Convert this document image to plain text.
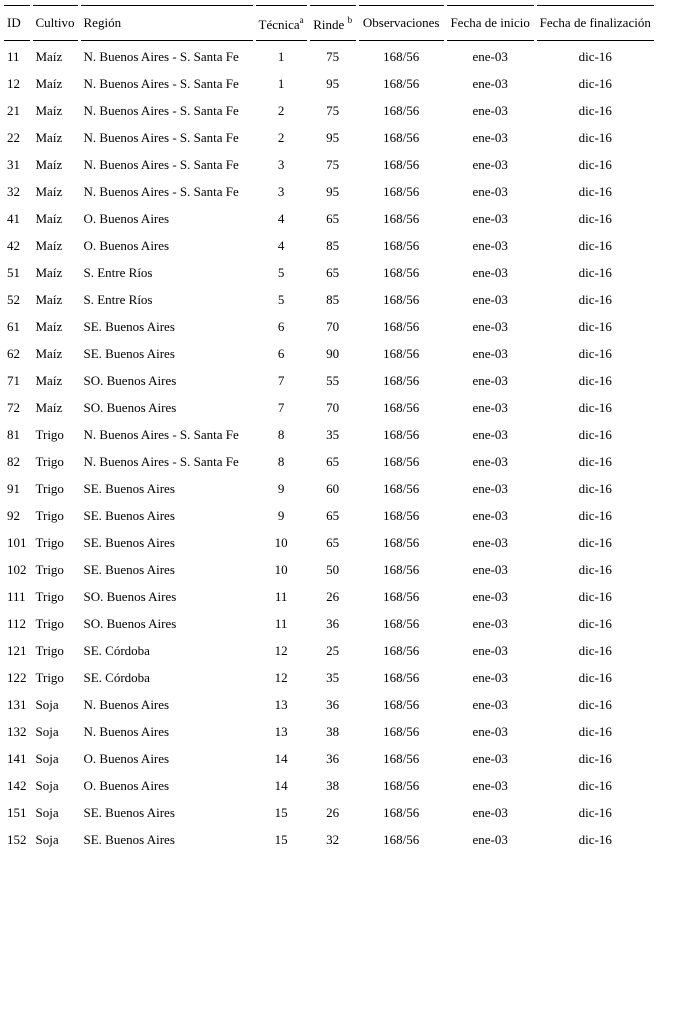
ID	Cultivo	Región	Técnica$^a$	Rinde $^b$	Observaciones	Fecha de inicio	Fecha de finalización
11	Maíz	N. Buenos Aires - S. Santa Fe	1	75	168/56	ene-03	dic-16
12	Maíz	N. Buenos Aires - S. Santa Fe	1	95	168/56	ene-03	dic-16
21	Maíz	N. Buenos Aires - S. Santa Fe	2	75	168/56	ene-03	dic-16
22	Maíz	N. Buenos Aires - S. Santa Fe	2	95	168/56	ene-03	dic-16
31	Maíz	N. Buenos Aires - S. Santa Fe	3	75	168/56	ene-03	dic-16
32	Maíz	N. Buenos Aires - S. Santa Fe	3	95	168/56	ene-03	dic-16
41	Maíz	O. Buenos Aires	4	65	168/56	ene-03	dic-16
42	Maíz	O. Buenos Aires	4	85	168/56	ene-03	dic-16
51	Maíz	S. Entre Ríos	5	65	168/56	ene-03	dic-16
52	Maíz	S. Entre Ríos	5	85	168/56	ene-03	dic-16
61	Maíz	SE. Buenos Aires	6	70	168/56	ene-03	dic-16
62	Maíz	SE. Buenos Aires	6	90	168/56	ene-03	dic-16
71	Maíz	SO. Buenos Aires	7	55	168/56	ene-03	dic-16
72	Maíz	SO. Buenos Aires	7	70	168/56	ene-03	dic-16
81	Trigo	N. Buenos Aires - S. Santa Fe	8	35	168/56	ene-03	dic-16
82	Trigo	N. Buenos Aires - S. Santa Fe	8	65	168/56	ene-03	dic-16
91	Trigo	SE. Buenos Aires	9	60	168/56	ene-03	dic-16
92	Trigo	SE. Buenos Aires	9	65	168/56	ene-03	dic-16
101	Trigo	SE. Buenos Aires	10	65	168/56	ene-03	dic-16
102	Trigo	SE. Buenos Aires	10	50	168/56	ene-03	dic-16
111	Trigo	SO. Buenos Aires	11	26	168/56	ene-03	dic-16
112	Trigo	SO. Buenos Aires	11	36	168/56	ene-03	dic-16
121	Trigo	SE. Córdoba	12	25	168/56	ene-03	dic-16
122	Trigo	SE. Córdoba	12	35	168/56	ene-03	dic-16
131	Soja	N. Buenos Aires	13	36	168/56	ene-03	dic-16
132	Soja	N. Buenos Aires	13	38	168/56	ene-03	dic-16
141	Soja	O. Buenos Aires	14	36	168/56	ene-03	dic-16
142	Soja	O. Buenos Aires	14	38	168/56	ene-03	dic-16
151	Soja	SE. Buenos Aires	15	26	168/56	ene-03	dic-16
152	Soja	SE. Buenos Aires	15	32	168/56	ene-03	dic-16
